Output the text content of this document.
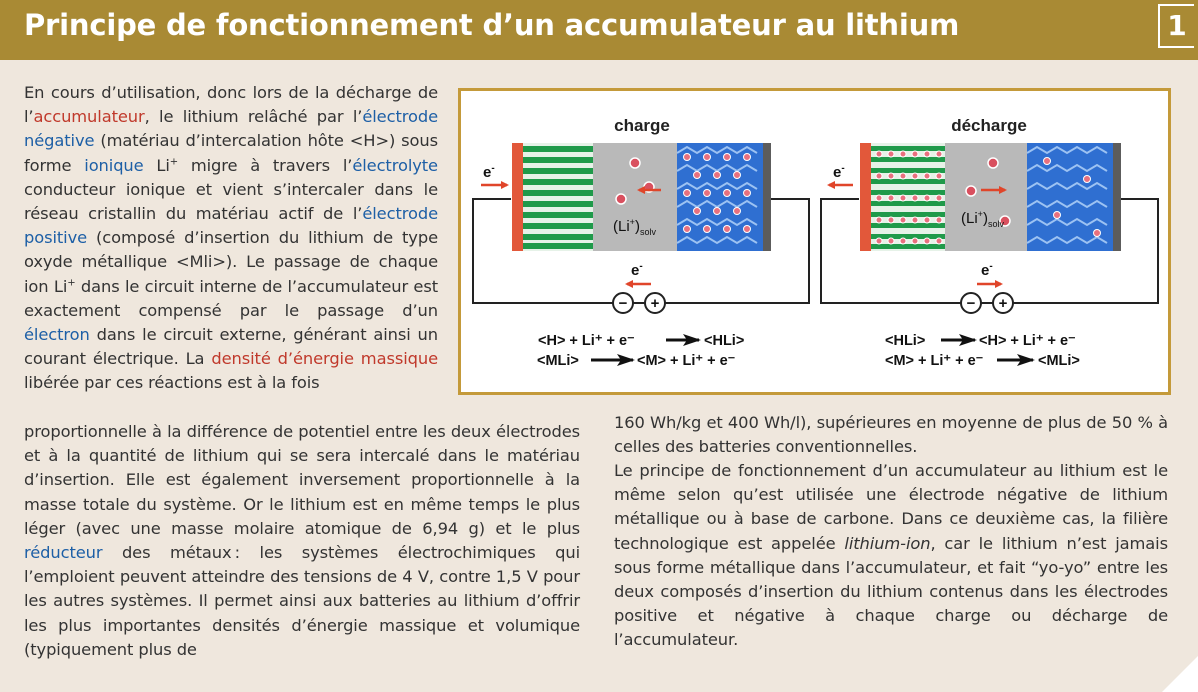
Principe de fonctionnement d’un accumulateur au lithium	1

En cours d’utilisation, donc lors de la décharge de l’accumulateur, le lithium relâché par l’électrode négative (matériau d’intercalation hôte <H>) sous forme ionique Li+ migre à travers l’électrolyte conducteur ionique et vient s’intercaler dans le réseau cristallin du matériau actif de l’électrode positive (composé d’insertion du lithium de type oxyde métallique <Mli>). Le passage de chaque ion Li+ dans le circuit interne de l’accumulateur est exactement compensé par le passage d’un électron dans le circuit externe, générant ainsi un courant électrique. La densité d’énergie massique libérée par ces réactions est à la fois

proportionnelle à la différence de potentiel entre les deux électrodes et à la quantité de lithium qui se sera intercalé dans le matériau d’insertion. Elle est également inversement proportionnelle à la masse totale du système. Or le lithium est en même temps le plus léger (avec une masse molaire atomique de 6,94 g) et le plus réducteur des métaux : les systèmes électrochimiques qui l’emploient peuvent atteindre des tensions de 4 V, contre 1,5 V pour les autres systèmes. Il permet ainsi aux batteries au lithium d’offrir les plus importantes densités d’énergie massique et volumique (typiquement plus de

160 Wh/kg et 400 Wh/l), supérieures en moyenne de plus de 50 % à celles des batteries conventionnelles.

Le principe de fonctionnement d’un accumulateur au lithium est le même selon qu’est utilisée une électrode négative de lithium métallique ou à base de carbone. Dans ce deuxième cas, la filière technologique est appelée lithium-ion, car le lithium n’est jamais sous forme métallique dans l’accumulateur, et fait “yo-yo” entre les deux composés d’insertion du lithium contenus dans les électrodes positive et négative à chaque charge ou décharge de l’accumulateur.

charge
$(Li^+)_{solv}$
e-
e-
− +
<H> + Li⁺ + e⁻	<HLi>
<MLi>	<M> + Li⁺ + e⁻
décharge
$(Li^+)_{solv}$
e-
e-
− +
<HLi>	<H> + Li⁺ + e⁻
<M> + Li⁺ + e⁻	<MLi>
